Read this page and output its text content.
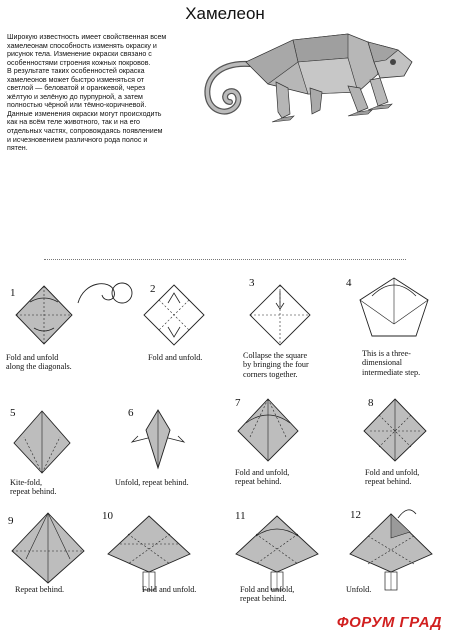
Хамелеон
Широкую известность имеет свойственная всем
хамелеонам способность изменять окраску и
рисунок тела. Изменение окраски связано с
особенностями строения кожных покровов.
В результате таких особенностей окраска
хамелеонов может быстро изменяться от
светлой — беловатой и оранжевой, через
жёлтую и зелёную до пурпурной, а затем
полностью чёрной или тёмно-коричневой.
Данные изменения окраски могут происходить
как на всём теле животного, так и на его
отдельных частях, сопровождаясь появлением
и исчезновением различного рода полос и
пятен.
1
Fold and unfold
along the diagonals.
2
Fold and unfold.
3
Collapse the square
by bringing the four
corners together.
4
This is a three-
dimensional
intermediate step.
5
Kite-fold,
repeat behind.
6
Unfold, repeat behind.
7
Fold and unfold,
repeat behind.
8
Fold and unfold,
repeat behind.
9
Repeat behind.
10
Fold and unfold.
11
Fold and unfold,
repeat behind.
12
Unfold.
ФОРУМ ГРАД
